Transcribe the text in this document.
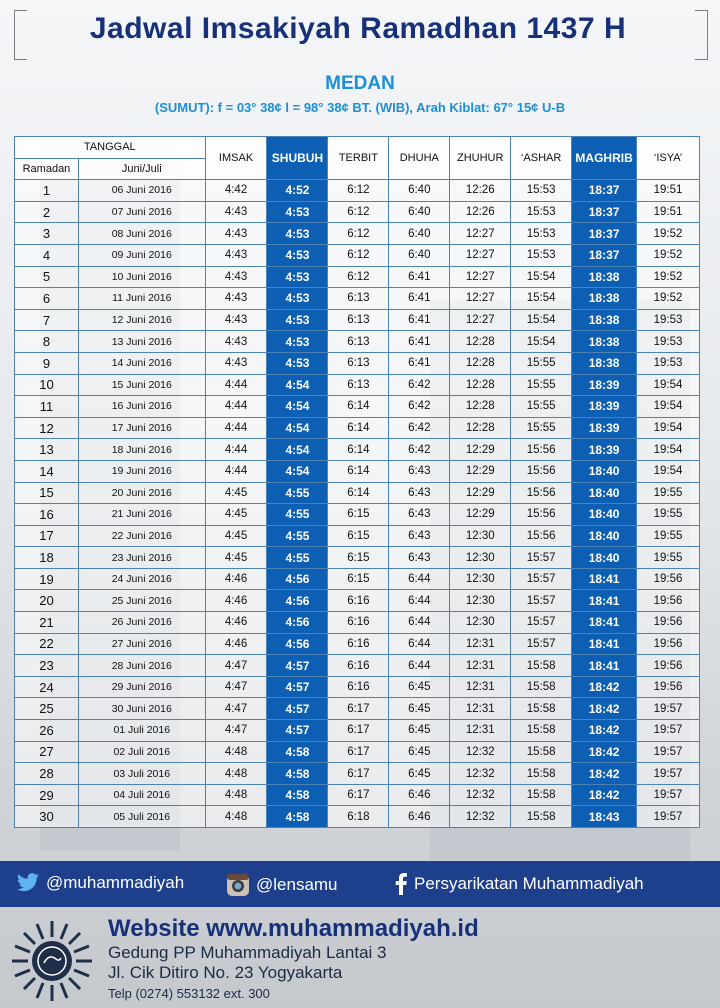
Jadwal Imsakiyah Ramadhan 1437 H
MEDAN
(SUMUT): f = 03° 38¢ l = 98° 38¢ BT. (WIB), Arah Kiblat: 67° 15¢ U-B
TANGGAL		IMSAK	SHUBUH	TERBIT	DHUHA	ZHUHUR	‘ASHAR	MAGHRIB	‘ISYA’
Ramadan	Juni/Juli								
1	06 Juni 2016	4:42	4:52	6:12	6:40	12:26	15:53	18:37	19:51
2	07 Juni 2016	4:43	4:53	6:12	6:40	12:26	15:53	18:37	19:51
3	08 Juni 2016	4:43	4:53	6:12	6:40	12:27	15:53	18:37	19:52
4	09 Juni 2016	4:43	4:53	6:12	6:40	12:27	15:53	18:37	19:52
5	10 Juni 2016	4:43	4:53	6:12	6:41	12:27	15:54	18:38	19:52
6	11 Juni 2016	4:43	4:53	6:13	6:41	12:27	15:54	18:38	19:52
7	12 Juni 2016	4:43	4:53	6:13	6:41	12:27	15:54	18:38	19:53
8	13 Juni 2016	4:43	4:53	6:13	6:41	12:28	15:54	18:38	19:53
9	14 Juni 2016	4:43	4:53	6:13	6:41	12:28	15:55	18:38	19:53
10	15 Juni 2016	4:44	4:54	6:13	6:42	12:28	15:55	18:39	19:54
11	16 Juni 2016	4:44	4:54	6:14	6:42	12:28	15:55	18:39	19:54
12	17 Juni 2016	4:44	4:54	6:14	6:42	12:28	15:55	18:39	19:54
13	18 Juni 2016	4:44	4:54	6:14	6:42	12:29	15:56	18:39	19:54
14	19 Juni 2016	4:44	4:54	6:14	6:43	12:29	15:56	18:40	19:54
15	20 Juni 2016	4:45	4:55	6:14	6:43	12:29	15:56	18:40	19:55
16	21 Juni 2016	4:45	4:55	6:15	6:43	12:29	15:56	18:40	19:55
17	22 Juni 2016	4:45	4:55	6:15	6:43	12:30	15:56	18:40	19:55
18	23 Juni 2016	4:45	4:55	6:15	6:43	12:30	15:57	18:40	19:55
19	24 Juni 2016	4:46	4:56	6:15	6:44	12:30	15:57	18:41	19:56
20	25 Juni 2016	4:46	4:56	6:16	6:44	12:30	15:57	18:41	19:56
21	26 Juni 2016	4:46	4:56	6:16	6:44	12:30	15:57	18:41	19:56
22	27 Juni 2016	4:46	4:56	6:16	6:44	12:31	15:57	18:41	19:56
23	28 Juni 2016	4:47	4:57	6:16	6:44	12:31	15:58	18:41	19:56
24	29 Juni 2016	4:47	4:57	6:16	6:45	12:31	15:58	18:42	19:56
25	30 Juni 2016	4:47	4:57	6:17	6:45	12:31	15:58	18:42	19:57
26	01 Juli 2016	4:47	4:57	6:17	6:45	12:31	15:58	18:42	19:57
27	02 Juli 2016	4:48	4:58	6:17	6:45	12:32	15:58	18:42	19:57
28	03 Juli 2016	4:48	4:58	6:17	6:45	12:32	15:58	18:42	19:57
29	04 Juli 2016	4:48	4:58	6:17	6:46	12:32	15:58	18:42	19:57
30	05 Juli 2016	4:48	4:58	6:18	6:46	12:32	15:58	18:43	19:57
@muhammadiyah	@lensamu	Persyarikatan Muhammadiyah
Website www.muhammadiyah.id
Gedung PP Muhammadiyah Lantai 3
Jl. Cik Ditiro No. 23 Yogyakarta
Telp (0274) 553132 ext. 300
